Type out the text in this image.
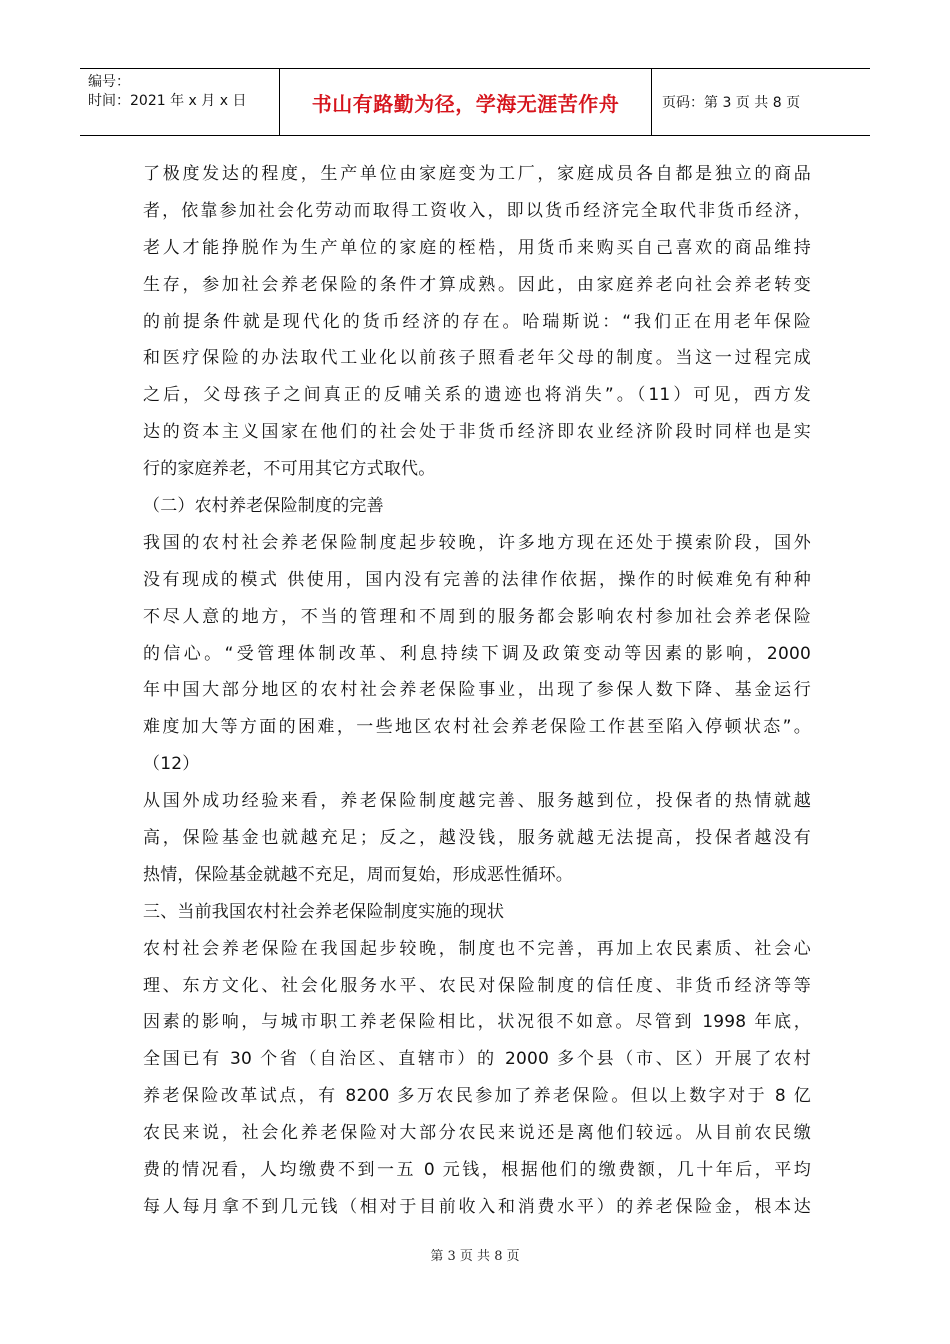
编号：
时间：2021 年 x 月 x 日	书山有路勤为径，学海无涯苦作舟	页码：第 3 页 共 8 页
了极度发达的程度，生产单位由家庭变为工厂，家庭成员各自都是独立的商品
者，依靠参加社会化劳动而取得工资收入，即以货币经济完全取代非货币经济，
老人才能挣脱作为生产单位的家庭的桎梏，用货币来购买自己喜欢的商品维持
生存，参加社会养老保险的条件才算成熟。因此，由家庭养老向社会养老转变
的前提条件就是现代化的货币经济的存在。哈瑞斯说：“我们正在用老年保险
和医疗保险的办法取代工业化以前孩子照看老年父母的制度。当这一过程完成
之后，父母孩子之间真正的反哺关系的遗迹也将消失”。（11）可见，西方发
达的资本主义国家在他们的社会处于非货币经济即农业经济阶段时同样也是实
行的家庭养老，不可用其它方式取代。
（二）农村养老保险制度的完善
我国的农村社会养老保险制度起步较晚，许多地方现在还处于摸索阶段，国外
没有现成的模式 供使用，国内没有完善的法律作依据，操作的时候难免有种种
不尽人意的地方，不当的管理和不周到的服务都会影响农村参加社会养老保险
的信心。“受管理体制改革、利息持续下调及政策变动等因素的影响，2000
年中国大部分地区的农村社会养老保险事业，出现了参保人数下降、基金运行
难度加大等方面的困难，一些地区农村社会养老保险工作甚至陷入停顿状态”。
（12）
从国外成功经验来看，养老保险制度越完善、服务越到位，投保者的热情就越
高，保险基金也就越充足；反之，越没钱，服务就越无法提高，投保者越没有
热情，保险基金就越不充足，周而复始，形成恶性循环。
三、当前我国农村社会养老保险制度实施的现状
农村社会养老保险在我国起步较晚，制度也不完善，再加上农民素质、社会心
理、东方文化、社会化服务水平、农民对保险制度的信任度、非货币经济等等
因素的影响，与城市职工养老保险相比，状况很不如意。尽管到 1998 年底，
全国已有 30 个省（自治区、直辖市）的 2000 多个县（市、区）开展了农村
养老保险改革试点，有 8200 多万农民参加了养老保险。但以上数字对于 8 亿
农民来说，社会化养老保险对大部分农民来说还是离他们较远。从目前农民缴
费的情况看，人均缴费不到一五 0 元钱，根据他们的缴费额，几十年后，平均
每人每月拿不到几元钱（相对于目前收入和消费水平）的养老保险金，根本达
第 3 页 共 8 页
